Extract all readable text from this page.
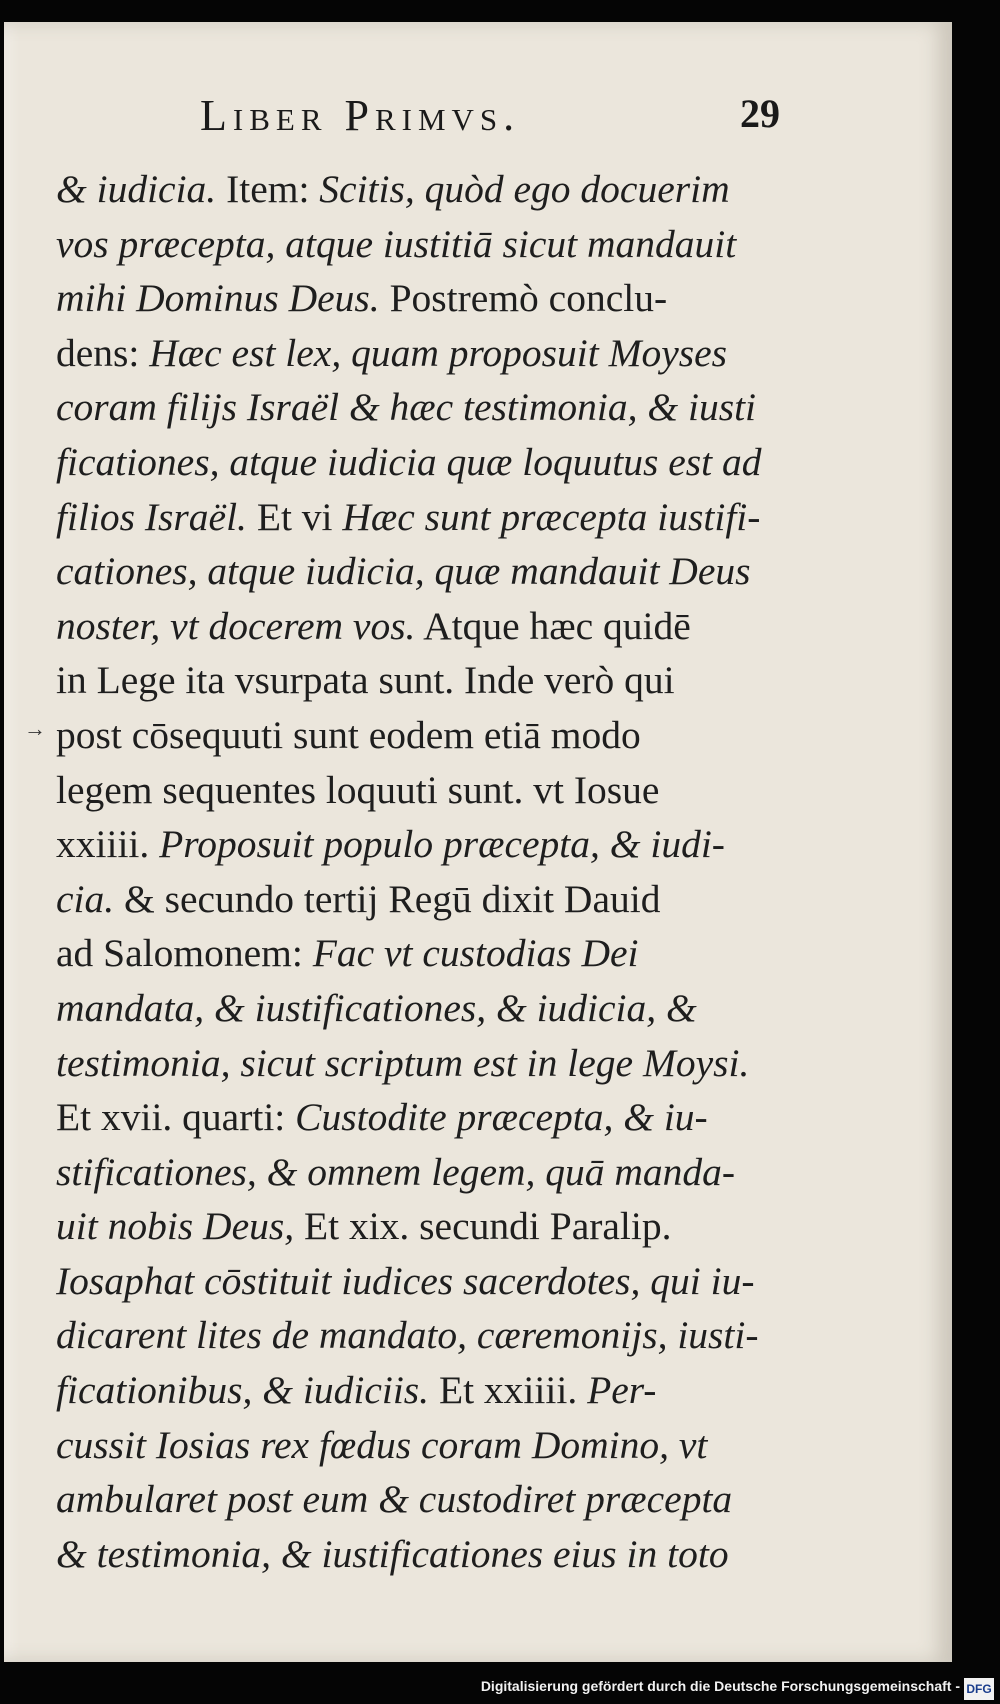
Liber Primvs.	29
→
& iudicia. Item: Scitis, quòd ego docuerim
vos præcepta, atque iustitiā sicut mandauit
mihi Dominus Deus. Postremò conclu-
dens: Hæc est lex, quam proposuit Moyses
coram filijs Israël & hæc testimonia, & iusti
ficationes, atque iudicia quæ loquutus est ad
filios Israël. Et vi Hæc sunt præcepta iustifi-
cationes, atque iudicia, quæ mandauit Deus
noster, vt docerem vos. Atque hæc quidē
in Lege ita vsurpata sunt. Inde verò qui
post cōsequuti sunt eodem etiā modo
legem sequentes loquuti sunt. vt Iosue
xxiiii. Proposuit populo præcepta, & iudi-
cia. & secundo tertij Regū dixit Dauid
ad Salomonem: Fac vt custodias Dei
mandata, & iustificationes, & iudicia, &
testimonia, sicut scriptum est in lege Moysi.
Et xvii. quarti: Custodite præcepta, & iu-
stificationes, & omnem legem, quā manda-
uit nobis Deus, Et xix. secundi Paralip.
Iosaphat cōstituit iudices sacerdotes, qui iu-
dicarent lites de mandato, cæremonijs, iusti-
ficationibus, & iudiciis. Et xxiiii. Per-
cussit Iosias rex fœdus coram Domino, vt
ambularet post eum & custodiret præcepta
& testimonia, & iustificationes eius in toto
Digitalisierung gefördert durch die Deutsche Forschungsgemeinschaft - DFG
